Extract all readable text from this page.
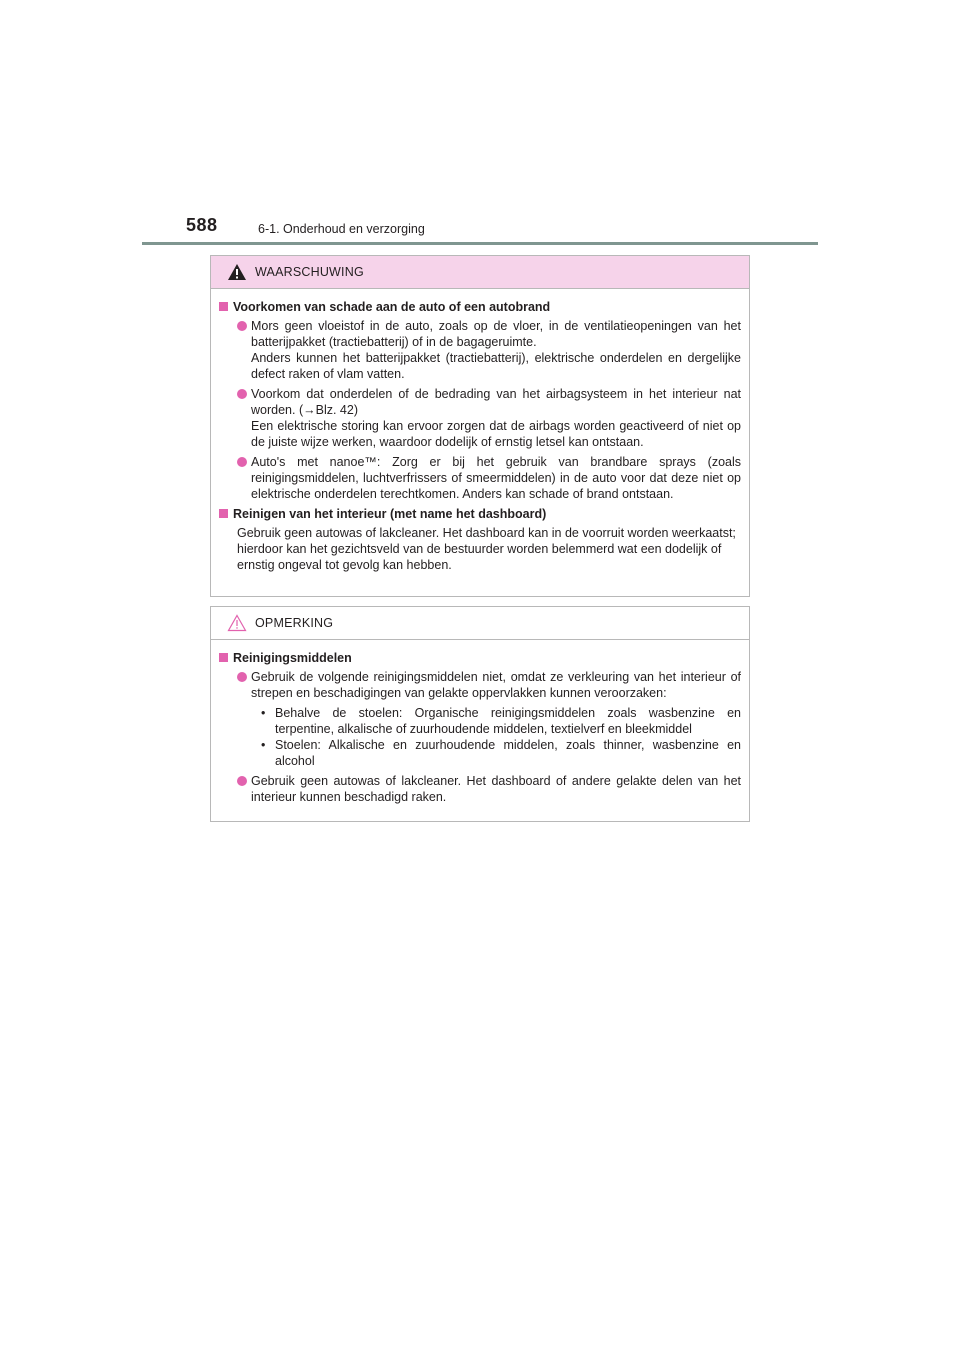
588	6-1. Onderhoud en verzorging
WAARSCHUWING
Voorkomen van schade aan de auto of een autobrand

Mors geen vloeistof in de auto, zoals op de vloer, in de ventilatieopeningen van het batterijpakket (tractiebatterij) of in de bagageruimte.

Anders kunnen het batterijpakket (tractiebatterij), elektrische onderdelen en dergelijke defect raken of vlam vatten.

Voorkom dat onderdelen of de bedrading van het airbagsysteem in het interieur nat worden. (→Blz. 42)

Een elektrische storing kan ervoor zorgen dat de airbags worden geactiveerd of niet op de juiste wijze werken, waardoor dodelijk of ernstig letsel kan ontstaan.

Auto's met nanoe™: Zorg er bij het gebruik van brandbare sprays (zoals reinigingsmiddelen, luchtverfrissers of smeermiddelen) in de auto voor dat deze niet op elektrische onderdelen terechtkomen. Anders kan schade of brand ontstaan.

Reinigen van het interieur (met name het dashboard)

Gebruik geen autowas of lakcleaner. Het dashboard kan in de voorruit worden weerkaatst; hierdoor kan het gezichtsveld van de bestuurder worden belemmerd wat een dodelijk of ernstig ongeval tot gevolg kan hebben.

OPMERKING
Reinigingsmiddelen

Gebruik de volgende reinigingsmiddelen niet, omdat ze verkleuring van het interieur of strepen en beschadigingen van gelakte oppervlakken kunnen veroorzaken:

• Behalve de stoelen: Organische reinigingsmiddelen zoals wasbenzine en terpentine, alkalische of zuurhoudende middelen, textielverf en bleekmiddel
• Stoelen: Alkalische en zuurhoudende middelen, zoals thinner, wasbenzine en alcohol

Gebruik geen autowas of lakcleaner. Het dashboard of andere gelakte delen van het interieur kunnen beschadigd raken.
